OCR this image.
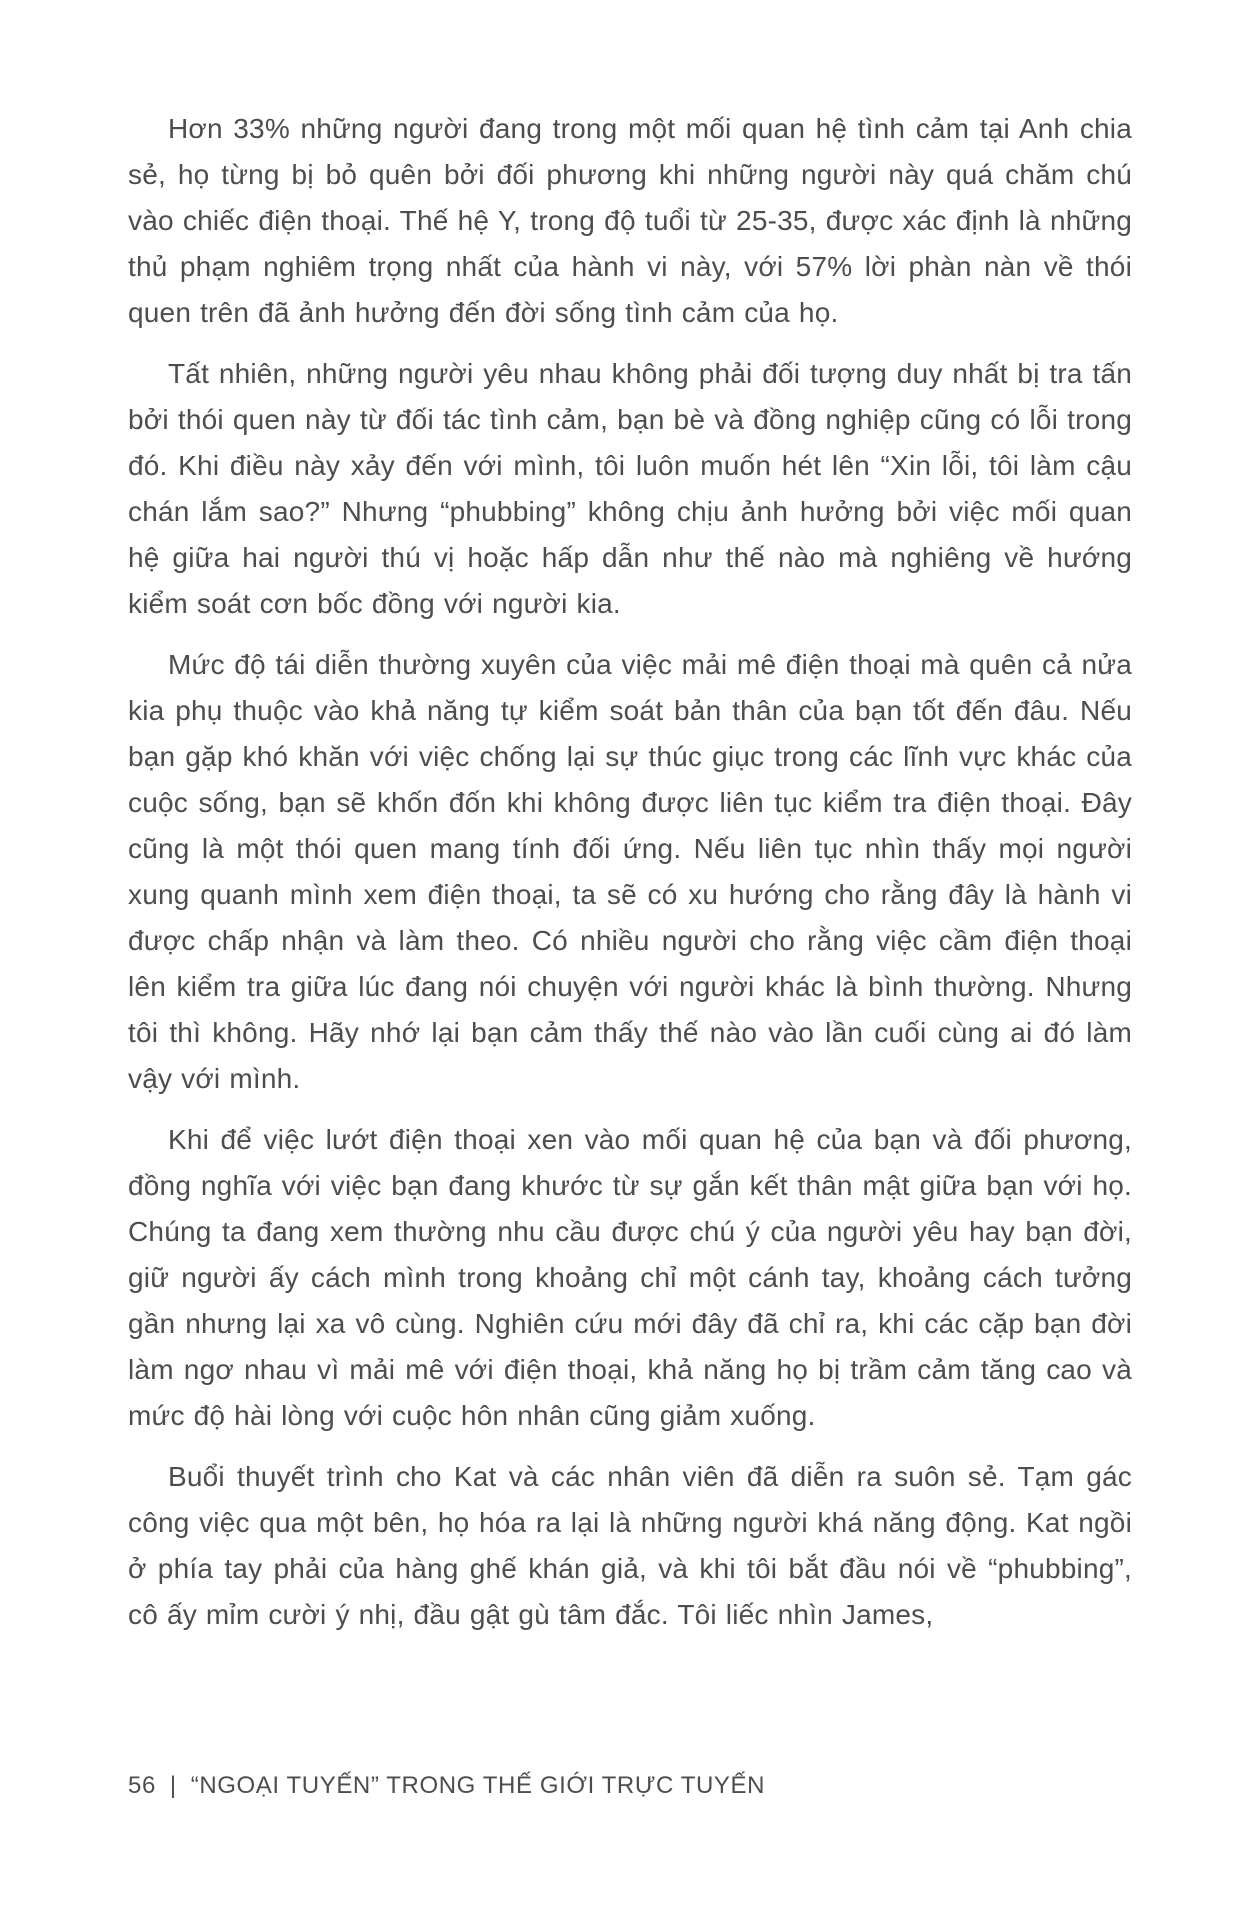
Hơn 33% những người đang trong một mối quan hệ tình cảm tại Anh chia sẻ, họ từng bị bỏ quên bởi đối phương khi những người này quá chăm chú vào chiếc điện thoại. Thế hệ Y, trong độ tuổi từ 25-35, được xác định là những thủ phạm nghiêm trọng nhất của hành vi này, với 57% lời phàn nàn về thói quen trên đã ảnh hưởng đến đời sống tình cảm của họ.

Tất nhiên, những người yêu nhau không phải đối tượng duy nhất bị tra tấn bởi thói quen này từ đối tác tình cảm, bạn bè và đồng nghiệp cũng có lỗi trong đó. Khi điều này xảy đến với mình, tôi luôn muốn hét lên “Xin lỗi, tôi làm cậu chán lắm sao?” Nhưng “phubbing” không chịu ảnh hưởng bởi việc mối quan hệ giữa hai người thú vị hoặc hấp dẫn như thế nào mà nghiêng về hướng kiểm soát cơn bốc đồng với người kia.

Mức độ tái diễn thường xuyên của việc mải mê điện thoại mà quên cả nửa kia phụ thuộc vào khả năng tự kiểm soát bản thân của bạn tốt đến đâu. Nếu bạn gặp khó khăn với việc chống lại sự thúc giục trong các lĩnh vực khác của cuộc sống, bạn sẽ khốn đốn khi không được liên tục kiểm tra điện thoại. Đây cũng là một thói quen mang tính đối ứng. Nếu liên tục nhìn thấy mọi người xung quanh mình xem điện thoại, ta sẽ có xu hướng cho rằng đây là hành vi được chấp nhận và làm theo. Có nhiều người cho rằng việc cầm điện thoại lên kiểm tra giữa lúc đang nói chuyện với người khác là bình thường. Nhưng tôi thì không. Hãy nhớ lại bạn cảm thấy thế nào vào lần cuối cùng ai đó làm vậy với mình.

Khi để việc lướt điện thoại xen vào mối quan hệ của bạn và đối phương, đồng nghĩa với việc bạn đang khước từ sự gắn kết thân mật giữa bạn với họ. Chúng ta đang xem thường nhu cầu được chú ý của người yêu hay bạn đời, giữ người ấy cách mình trong khoảng chỉ một cánh tay, khoảng cách tưởng gần nhưng lại xa vô cùng. Nghiên cứu mới đây đã chỉ ra, khi các cặp bạn đời làm ngơ nhau vì mải mê với điện thoại, khả năng họ bị trầm cảm tăng cao và mức độ hài lòng với cuộc hôn nhân cũng giảm xuống.

Buổi thuyết trình cho Kat và các nhân viên đã diễn ra suôn sẻ. Tạm gác công việc qua một bên, họ hóa ra lại là những người khá năng động. Kat ngồi ở phía tay phải của hàng ghế khán giả, và khi tôi bắt đầu nói về “phubbing”, cô ấy mỉm cười ý nhị, đầu gật gù tâm đắc. Tôi liếc nhìn James,

56 | “NGOẠI TUYẾN” TRONG THẾ GIỚI TRỰC TUYẾN
